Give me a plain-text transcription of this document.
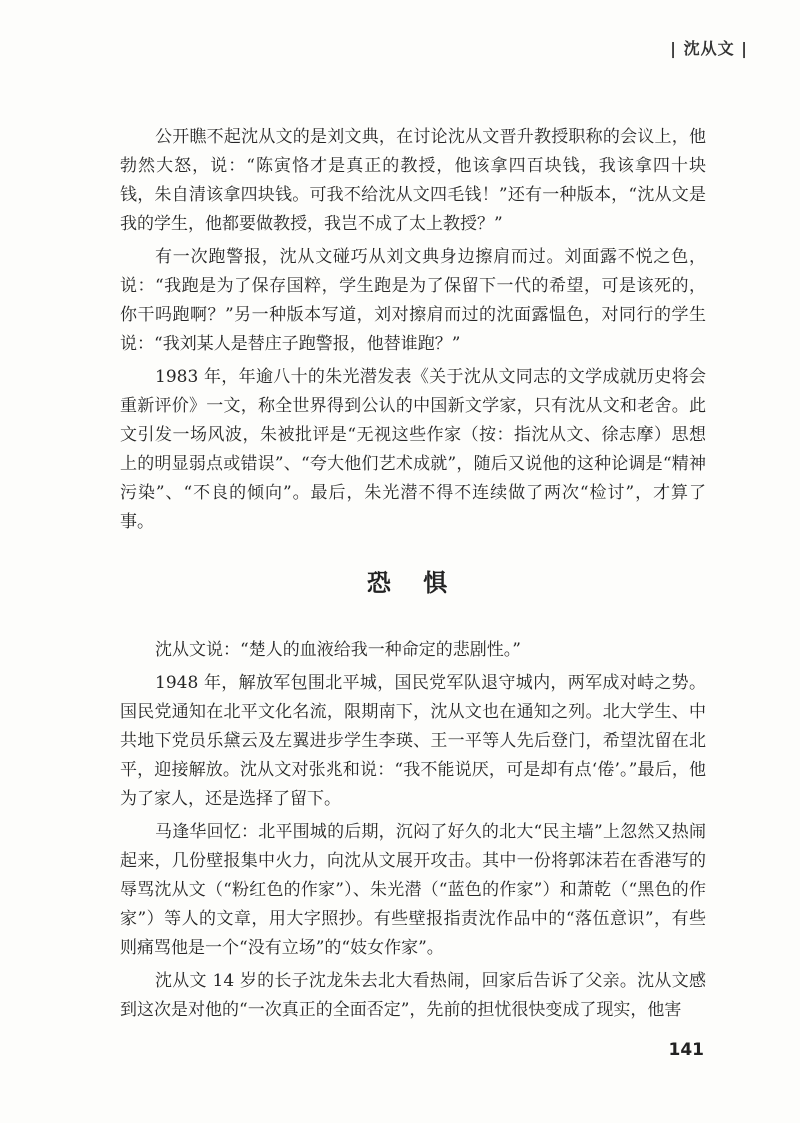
| 沈从文 |

公开瞧不起沈从文的是刘文典，在讨论沈从文晋升教授职称的会议上，他勃然大怒，说：“陈寅恪才是真正的教授，他该拿四百块钱，我该拿四十块钱，朱自清该拿四块钱。可我不给沈从文四毛钱！”还有一种版本，“沈从文是我的学生，他都要做教授，我岂不成了太上教授？”

有一次跑警报，沈从文碰巧从刘文典身边擦肩而过。刘面露不悦之色，说：“我跑是为了保存国粹，学生跑是为了保留下一代的希望，可是该死的，你干吗跑啊？”另一种版本写道，刘对擦肩而过的沈面露愠色，对同行的学生说：“我刘某人是替庄子跑警报，他替谁跑？”

1983 年，年逾八十的朱光潜发表《关于沈从文同志的文学成就历史将会重新评价》一文，称全世界得到公认的中国新文学家，只有沈从文和老舍。此文引发一场风波，朱被批评是“无视这些作家（按：指沈从文、徐志摩）思想上的明显弱点或错误”、“夸大他们艺术成就”，随后又说他的这种论调是“精神污染”、“不良的倾向”。最后，朱光潜不得不连续做了两次“检讨”，才算了事。

恐 惧

沈从文说：“楚人的血液给我一种命定的悲剧性。”

1948 年，解放军包围北平城，国民党军队退守城内，两军成对峙之势。国民党通知在北平文化名流，限期南下，沈从文也在通知之列。北大学生、中共地下党员乐黛云及左翼进步学生李瑛、王一平等人先后登门，希望沈留在北平，迎接解放。沈从文对张兆和说：“我不能说厌，可是却有点‘倦’。”最后，他为了家人，还是选择了留下。

马逢华回忆：北平围城的后期，沉闷了好久的北大“民主墙”上忽然又热闹起来，几份壁报集中火力，向沈从文展开攻击。其中一份将郭沫若在香港写的辱骂沈从文（“粉红色的作家”）、朱光潜（“蓝色的作家”）和萧乾（“黑色的作家”）等人的文章，用大字照抄。有些壁报指责沈作品中的“落伍意识”，有些则痛骂他是一个“没有立场”的“妓女作家”。

沈从文 14 岁的长子沈龙朱去北大看热闹，回家后告诉了父亲。沈从文感到这次是对他的“一次真正的全面否定”，先前的担忧很快变成了现实，他害

141
